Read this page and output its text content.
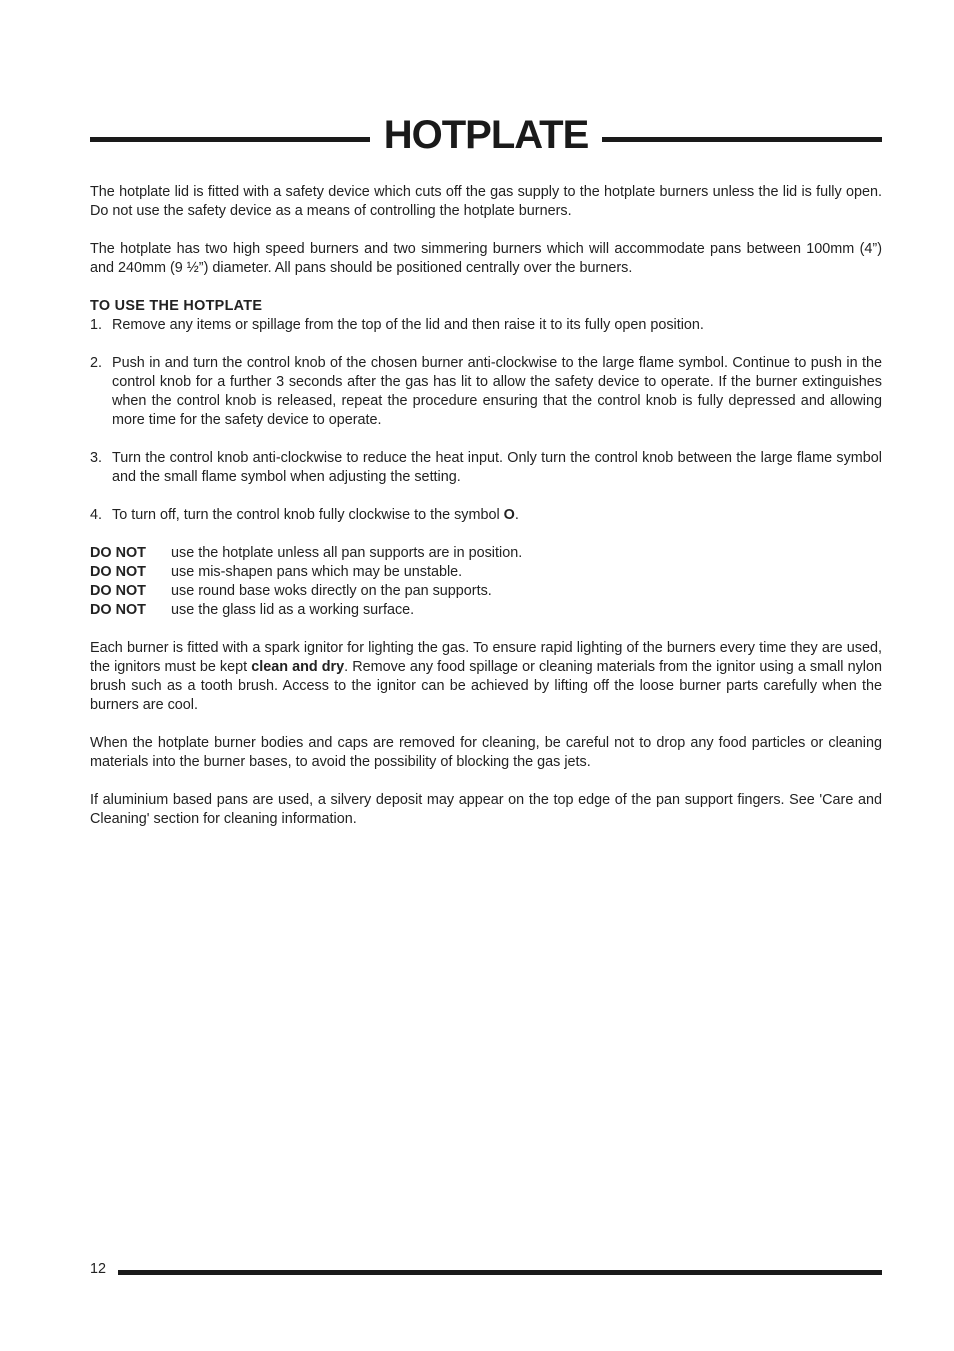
HOTPLATE

The hotplate lid is fitted with a safety device which cuts off the gas supply to the hotplate burners unless the lid is fully open. Do not use the safety device as a means of controlling the hotplate burners.

The hotplate has two high speed burners and two simmering burners which will accommodate pans between 100mm (4”) and 240mm (9 ½”) diameter. All pans should be positioned centrally over the burners.

TO USE THE HOTPLATE

1. Remove any items or spillage from the top of the lid and then raise it to its fully open position.
2. Push in and turn the control knob of the chosen burner anti-clockwise to the large flame symbol. Continue to push in the control knob for a further 3 seconds after the gas has lit to allow the safety device to operate. If the burner extinguishes when the control knob is released, repeat the procedure ensuring that the control knob is fully depressed and allowing more time for the safety device to operate.
3. Turn the control knob anti-clockwise to reduce the heat input. Only turn the control knob between the large flame symbol and the small flame symbol when adjusting the setting.
4. To turn off, turn the control knob fully clockwise to the symbol O.
DO NOT	use the hotplate unless all pan supports are in position.
DO NOT	use mis-shapen pans which may be unstable.
DO NOT	use round base woks directly on the pan supports.
DO NOT	use the glass lid as a working surface.

Each burner is fitted with a spark ignitor for lighting the gas. To ensure rapid lighting of the burners every time they are used, the ignitors must be kept clean and dry. Remove any food spillage or cleaning materials from the ignitor using a small nylon brush such as a tooth brush. Access to the ignitor can be achieved by lifting off the loose burner parts carefully when the burners are cool.

When the hotplate burner bodies and caps are removed for cleaning, be careful not to drop any food particles or cleaning materials into the burner bases, to avoid the possibility of blocking the gas jets.

If aluminium based pans are used, a silvery deposit may appear on the top edge of the pan support fingers. See 'Care and Cleaning' section for cleaning information.

12
